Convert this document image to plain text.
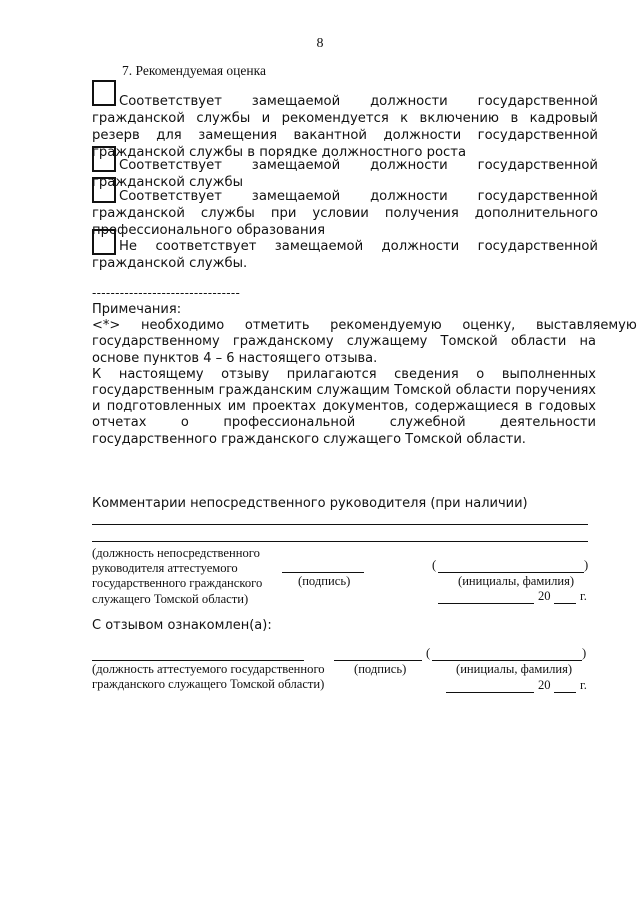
8
7. Рекомендуемая оценка

Соответствует замещаемой должности государственной гражданской службы и рекомендуется к включению в кадровый резерв для замещения вакантной должности государственной гражданской службы в порядке должностного роста

Соответствует замещаемой должности государственной гражданской службы

Соответствует замещаемой должности государственной гражданской службы при условии получения дополнительного профессионального образования

Не соответствует замещаемой должности государственной гражданской службы.

--------------------------------

Примечания:

<*>     необходимо     отметить     рекомендуемую     оценку,     выставляемую

государственному гражданскому служащему Томской области на основе пунктов 4 – 6 настоящего отзыва.

К настоящему отзыву прилагаются сведения о выполненных государственным гражданским служащим Томской области поручениях и подготовленных им проектах документов, содержащиеся в годовых отчетах о профессиональной служебной деятельности государственного гражданского служащего Томской области.

Комментарии непосредственного руководителя (при наличии)
(должность непосредственного
руководителя аттестуемого
государственного гражданского
служащего Томской области)
(подпись)
(	)
(инициалы, фамилия)
20 г.
С отзывом ознакомлен(а):
(	)
(должность аттестуемого государственного
гражданского служащего Томской области)
(подпись)	(инициалы, фамилия)
20 г.
